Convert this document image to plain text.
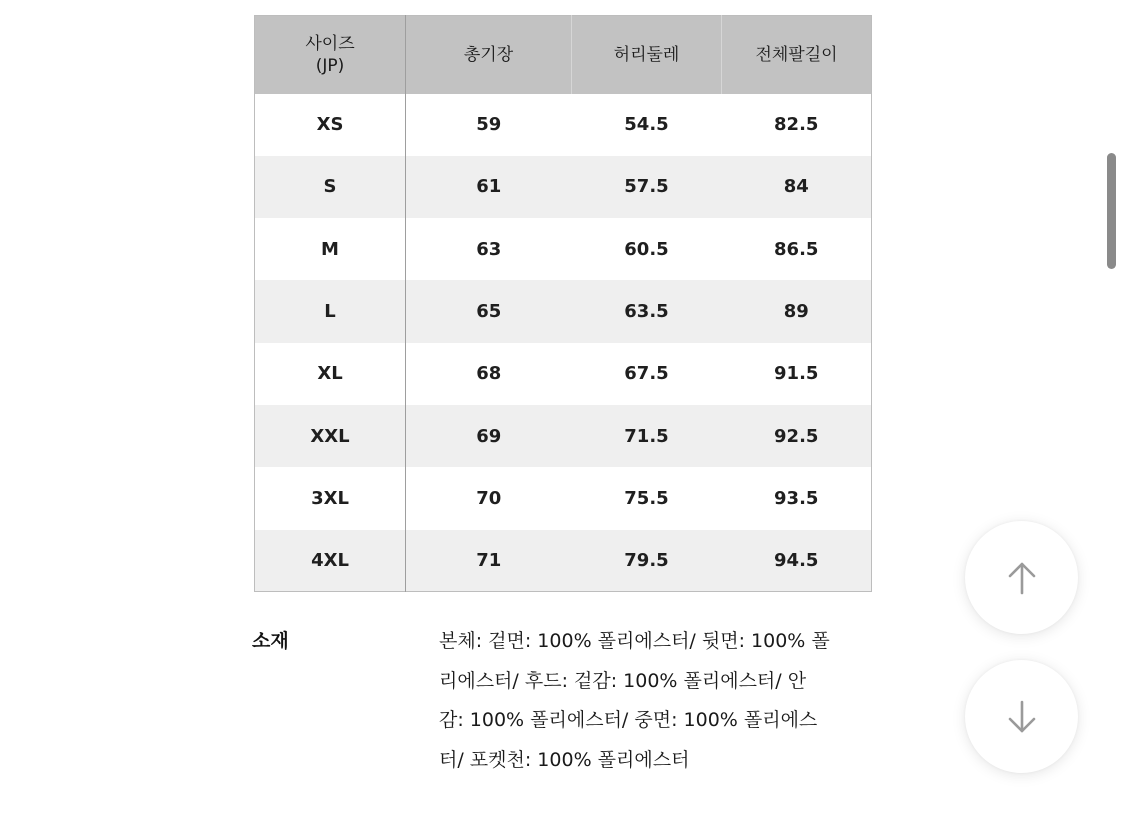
사이즈
(JP)	총기장	허리둘레	전체팔길이
XS	59	54.5	82.5
S	61	57.5	84
M	63	60.5	86.5
L	65	63.5	89
XL	68	67.5	91.5
XXL	69	71.5	92.5
3XL	70	75.5	93.5
4XL	71	79.5	94.5
소재	본체: 겉면: 100% 폴리에스터/ 뒷면: 100% 폴
리에스터/ 후드: 겉감: 100% 폴리에스터/ 안
감: 100% 폴리에스터/ 중면: 100% 폴리에스
터/ 포켓천: 100% 폴리에스터
